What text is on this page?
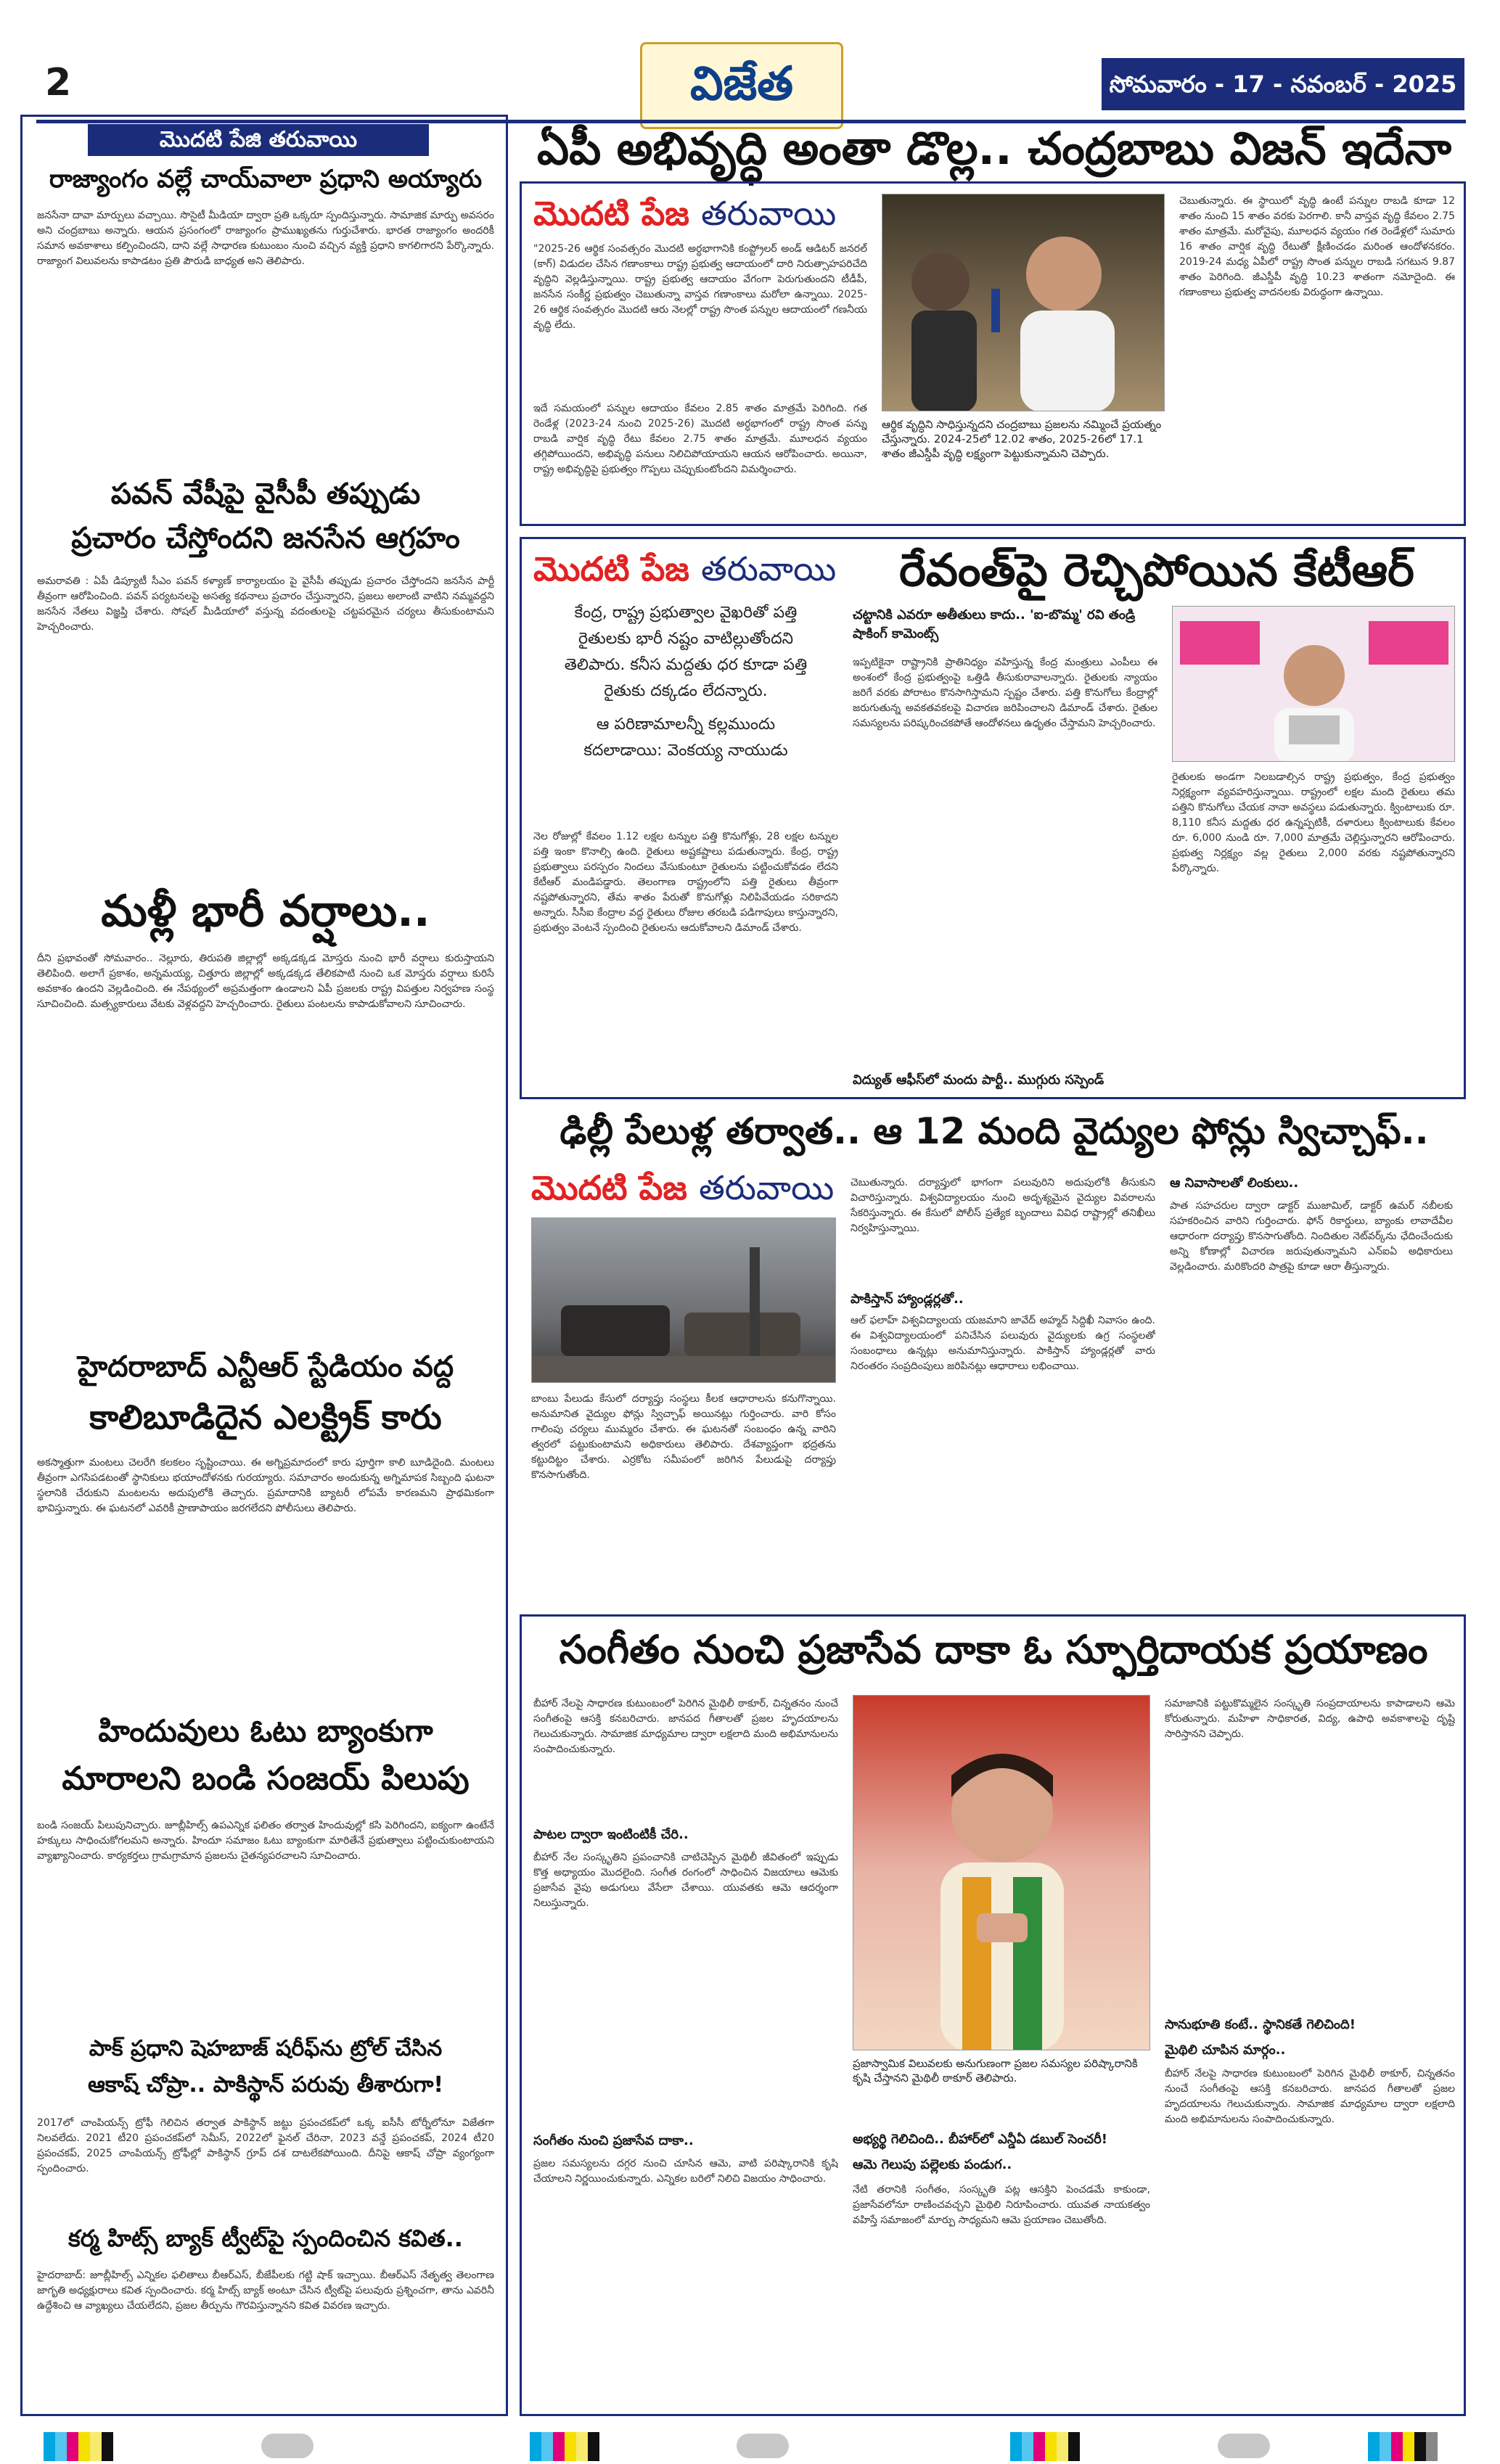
2	విజేత	సోమవారం - 17 - నవంబర్ - 2025
మొదటి పేజి తరువాయి
రాజ్యాంగం వల్లే చాయ్‌వాలా ప్రధాని అయ్యారు
జనసేనా దావా మార్పులు వచ్చాయి. సొసైటీ మీడియా ద్వారా ప్రతి ఒక్కరూ స్పందిస్తున్నారు. సామాజిక మార్పు అవసరం అని చంద్రబాబు అన్నారు. ఆయన ప్రసంగంలో రాజ్యాంగం ప్రాముఖ్యతను గుర్తుచేశారు. భారత రాజ్యాంగం అందరికీ సమాన అవకాశాలు కల్పించిందని, దాని వల్లే సాధారణ కుటుంబం నుంచి వచ్చిన వ్యక్తి ప్రధాని కాగలిగారని పేర్కొన్నారు. రాజ్యాంగ విలువలను కాపాడటం ప్రతి పౌరుడి బాధ్యత అని తెలిపారు.
పవన్ వేషీపై వైసీపీ తప్పుడు
ప్రచారం చేస్తోందని జనసేన ఆగ్రహం
అమరావతి : ఏపీ డిప్యూటీ సీఎం పవన్ కళ్యాణ్ కార్యాలయం పై వైసీపీ తప్పుడు ప్రచారం చేస్తోందని జనసేన పార్టీ తీవ్రంగా ఆరోపించింది. పవన్ పర్యటనలపై అసత్య కథనాలు ప్రచారం చేస్తున్నారని, ప్రజలు అలాంటి వాటిని నమ్మవద్దని జనసేన నేతలు విజ్ఞప్తి చేశారు. సోషల్ మీడియాలో వస్తున్న వదంతులపై చట్టపరమైన చర్యలు తీసుకుంటామని హెచ్చరించారు.
మళ్లీ భారీ వర్షాలు..
దీని ప్రభావంతో సోమవారం.. నెల్లూరు, తిరుపతి జిల్లాల్లో అక్కడక్కడ మోస్తరు నుంచి భారీ వర్షాలు కురుస్తాయని తెలిపింది. అలాగే ప్రకాశం, అన్నమయ్య, చిత్తూరు జిల్లాల్లో అక్కడక్కడ తేలికపాటి నుంచి ఒక మోస్తరు వర్షాలు కురిసే అవకాశం ఉందని వెల్లడించింది. ఈ నేపథ్యంలో అప్రమత్తంగా ఉండాలని ఏపీ ప్రజలకు రాష్ట్ర విపత్తుల నిర్వహణ సంస్థ సూచించింది. మత్స్యకారులు వేటకు వెళ్లవద్దని హెచ్చరించారు. రైతులు పంటలను కాపాడుకోవాలని సూచించారు.
హైదరాబాద్ ఎన్టీఆర్ స్టేడియం వద్ద
కాలిబూడిదైన ఎలక్ట్రిక్ కారు
అకస్మాత్తుగా మంటలు చెలరేగి కలకలం సృష్టించాయి. ఈ అగ్నిప్రమాదంలో కారు పూర్తిగా కాలి బూడిదైంది. మంటలు తీవ్రంగా ఎగసిపడటంతో స్థానికులు భయాందోళనకు గురయ్యారు. సమాచారం అందుకున్న అగ్నిమాపక సిబ్బంది ఘటనా స్థలానికి చేరుకుని మంటలను అదుపులోకి తెచ్చారు. ప్రమాదానికి బ్యాటరీ లోపమే కారణమని ప్రాథమికంగా భావిస్తున్నారు. ఈ ఘటనలో ఎవరికీ ప్రాణాపాయం జరగలేదని పోలీసులు తెలిపారు.
హిందువులు ఓటు బ్యాంకుగా
మారాలని బండి సంజయ్ పిలుపు
బండి సంజయ్ పిలుపునిచ్చారు. జూబ్లీహిల్స్ ఉపఎన్నిక ఫలితం తర్వాత హిందువుల్లో కసి పెరిగిందని, ఐక్యంగా ఉంటేనే హక్కులు సాధించుకోగలమని అన్నారు. హిందూ సమాజం ఓటు బ్యాంకుగా మారితేనే ప్రభుత్వాలు పట్టించుకుంటాయని వ్యాఖ్యానించారు. కార్యకర్తలు గ్రామగ్రామాన ప్రజలను చైతన్యపరచాలని సూచించారు.
పాక్ ప్రధాని షెహబాజ్ షరీఫ్‌ను ట్రోల్ చేసిన
ఆకాష్ చోప్రా.. పాకిస్థాన్ పరువు తీశారుగా!
2017లో చాంపియన్స్ ట్రోఫీ గెలిచిన తర్వాత పాకిస్థాన్ జట్టు ప్రపంచకప్‌లో ఒక్క ఐసీసీ టోర్నీలోనూ విజేతగా నిలవలేదు. 2021 టీ20 ప్రపంచకప్‌లో సెమీస్, 2022లో ఫైనల్ చేరినా, 2023 వన్డే ప్రపంచకప్, 2024 టీ20 ప్రపంచకప్, 2025 చాంపియన్స్ ట్రోఫీల్లో పాకిస్థాన్ గ్రూప్ దశ దాటలేకపోయింది. దీనిపై ఆకాష్ చోప్రా వ్యంగ్యంగా స్పందించారు.
కర్మ హిట్స్ బ్యాక్ ట్వీట్‌పై స్పందించిన కవిత..
హైదరాబాద్: జూబ్లీహిల్స్ ఎన్నికల ఫలితాలు బీఆర్ఎస్, బీజేపీలకు గట్టి షాక్ ఇచ్చాయి. బీఆర్ఎస్ నేతృత్వ తెలంగాణ జాగృతి అధ్యక్షురాలు కవిత స్పందించారు. కర్మ హిట్స్ బ్యాక్ అంటూ చేసిన ట్వీట్‌పై పలువురు ప్రశ్నించగా, తాను ఎవరినీ ఉద్దేశించి ఆ వ్యాఖ్యలు చేయలేదని, ప్రజల తీర్పును గౌరవిస్తున్నానని కవిత వివరణ ఇచ్చారు.
ఏపీ అభివృద్ధి అంతా డొల్ల.. చంద్రబాబు విజన్ ఇదేనా
మొదటి పేజ తరువాయి
"2025-26 ఆర్థిక సంవత్సరం మొదటి అర్ధభాగానికి కంప్ట్రోలర్ అండ్ ఆడిటర్ జనరల్ (కాగ్) విడుదల చేసిన గణాంకాలు రాష్ట్ర ప్రభుత్వ ఆదాయంలో దారి నిరుత్సాహపరిచేది వృద్ధిని వెల్లడిస్తున్నాయి. రాష్ట్ర ప్రభుత్వ ఆదాయం వేగంగా పెరుగుతుందని టీడీపీ, జనసేన సంకీర్ణ ప్రభుత్వం చెబుతున్నా వాస్తవ గణాంకాలు మరోలా ఉన్నాయి. 2025-26 ఆర్థిక సంవత్సరం మొదటి ఆరు నెలల్లో రాష్ట్ర సొంత పన్నుల ఆదాయంలో గణనీయ వృద్ధి లేదు.
ఇదే సమయంలో పన్నుల ఆదాయం కేవలం 2.85 శాతం మాత్రమే పెరిగింది. గత రెండేళ్ల (2023-24 నుంచి 2025-26) మొదటి అర్ధభాగంలో రాష్ట్ర సొంత పన్ను రాబడి వార్షిక వృద్ధి రేటు కేవలం 2.75 శాతం మాత్రమే. మూలధన వ్యయం తగ్గిపోయిందని, అభివృద్ధి పనులు నిలిచిపోయాయని ఆయన ఆరోపించారు. అయినా, రాష్ట్ర అభివృద్ధిపై ప్రభుత్వం గొప్పలు చెప్పుకుంటోందని విమర్శించారు.
ఆర్థిక వృద్ధిని సాధిస్తున్నదని చంద్రబాబు ప్రజలను నమ్మించే ప్రయత్నం చేస్తున్నారు. 2024-25లో 12.02 శాతం, 2025-26లో 17.1 శాతం జీఎస్డీపీ వృద్ధి లక్ష్యంగా పెట్టుకున్నామని చెప్పారు.
చెబుతున్నారు. ఈ స్థాయిలో వృద్ధి ఉంటే పన్నుల రాబడి కూడా 12 శాతం నుంచి 15 శాతం వరకు పెరగాలి. కానీ వాస్తవ వృద్ధి కేవలం 2.75 శాతం మాత్రమే. మరోవైపు, మూలధన వ్యయం గత రెండేళ్లలో సుమారు 16 శాతం వార్షిక వృద్ధి రేటుతో క్షీణించడం మరింత ఆందోళనకరం. 2019-24 మధ్య ఏపీలో రాష్ట్ర సొంత పన్నుల రాబడి సగటున 9.87 శాతం పెరిగింది. జీఎస్డీపీ వృద్ధి 10.23 శాతంగా నమోదైంది. ఈ గణాంకాలు ప్రభుత్వ వాదనలకు విరుద్ధంగా ఉన్నాయి.
మొదటి పేజ తరువాయి	రేవంత్‌పై రెచ్చిపోయిన కేటీఆర్
కేంద్ర, రాష్ట్ర ప్రభుత్వాల వైఖరితో పత్తి
రైతులకు భారీ నష్టం వాటిల్లుతోందని
తెలిపారు. కనీస మద్దతు ధర కూడా పత్తి
రైతుకు దక్కడం లేదన్నారు.
ఆ పరిణామాలన్నీ కల్లముందు
కదలాడాయి: వెంకయ్య నాయుడు
నెల రోజుల్లో కేవలం 1.12 లక్షల టన్నుల పత్తి కొనుగోళ్లు, 28 లక్షల టన్నుల పత్తి ఇంకా కొనాల్సి ఉంది. రైతులు అష్టకష్టాలు పడుతున్నారు. కేంద్ర, రాష్ట్ర ప్రభుత్వాలు పరస్పరం నిందలు వేసుకుంటూ రైతులను పట్టించుకోవడం లేదని కేటీఆర్ మండిపడ్డారు. తెలంగాణ రాష్ట్రంలోని పత్తి రైతులు తీవ్రంగా నష్టపోతున్నారని, తేమ శాతం పేరుతో కొనుగోళ్లు నిలిపివేయడం సరికాదని అన్నారు. సీసీఐ కేంద్రాల వద్ద రైతులు రోజుల తరబడి పడిగాపులు కాస్తున్నారని, ప్రభుత్వం వెంటనే స్పందించి రైతులను ఆదుకోవాలని డిమాండ్ చేశారు.
చట్టానికి ఎవరూ అతీతులు కాదు.. 'ఐ-బొమ్మ' రవి తండ్రి షాకింగ్ కామెంట్స్
ఇప్పటికైనా రాష్ట్రానికి ప్రాతినిధ్యం వహిస్తున్న కేంద్ర మంత్రులు ఎంపీలు ఈ అంశంలో కేంద్ర ప్రభుత్వంపై ఒత్తిడి తీసుకురావాలన్నారు. రైతులకు న్యాయం జరిగే వరకు పోరాటం కొనసాగిస్తామని స్పష్టం చేశారు. పత్తి కొనుగోలు కేంద్రాల్లో జరుగుతున్న అవకతవకలపై విచారణ జరిపించాలని డిమాండ్ చేశారు. రైతుల సమస్యలను పరిష్కరించకపోతే ఆందోళనలు ఉధృతం చేస్తామని హెచ్చరించారు.
విద్యుత్ ఆఫీస్‌లో మందు పార్టీ.. ముగ్గురు సస్పెండ్
రైతులకు అండగా నిలబడాల్సిన రాష్ట్ర ప్రభుత్వం, కేంద్ర ప్రభుత్వం నిర్లక్ష్యంగా వ్యవహరిస్తున్నాయి. రాష్ట్రంలో లక్షల మంది రైతులు తమ పత్తిని కొనుగోలు చేయక నానా అవస్థలు పడుతున్నారు. క్వింటాలుకు రూ. 8,110 కనీస మద్దతు ధర ఉన్నప్పటికీ, దళారులు క్వింటాలుకు కేవలం రూ. 6,000 నుండి రూ. 7,000 మాత్రమే చెల్లిస్తున్నారని ఆరోపించారు. ప్రభుత్వ నిర్లక్ష్యం వల్ల రైతులు 2,000 వరకు నష్టపోతున్నారని పేర్కొన్నారు.
ఢిల్లీ పేలుళ్ల తర్వాత.. ఆ 12 మంది వైద్యుల ఫోన్లు స్విచ్చాఫ్..
మొదటి పేజ తరువాయి
బాంబు పేలుడు కేసులో దర్యాప్తు సంస్థలు కీలక ఆధారాలను కనుగొన్నాయి. అనుమానిత వైద్యుల ఫోన్లు స్విచ్చాఫ్ అయినట్లు గుర్తించారు. వారి కోసం గాలింపు చర్యలు ముమ్మరం చేశారు. ఈ ఘటనతో సంబంధం ఉన్న వారిని త్వరలో పట్టుకుంటామని అధికారులు తెలిపారు. దేశవ్యాప్తంగా భద్రతను కట్టుదిట్టం చేశారు. ఎర్రకోట సమీపంలో జరిగిన పేలుడుపై దర్యాప్తు కొనసాగుతోంది.
చెబుతున్నారు. దర్యాప్తులో భాగంగా పలువురిని అదుపులోకి తీసుకుని విచారిస్తున్నారు. విశ్వవిద్యాలయం నుంచి అదృశ్యమైన వైద్యుల వివరాలను సేకరిస్తున్నారు. ఈ కేసులో పోలీస్ ప్రత్యేక బృందాలు వివిధ రాష్ట్రాల్లో తనిఖీలు నిర్వహిస్తున్నాయి.
పాకిస్తాన్ హ్యాండ్లర్లతో..
ఆల్ ఫలాహ్ విశ్వవిద్యాలయ యజమాని జావేద్ అహ్మద్ సిద్దిఖీ నివాసం ఉంది. ఈ విశ్వవిద్యాలయంలో పనిచేసిన పలువురు వైద్యులకు ఉగ్ర సంస్థలతో సంబంధాలు ఉన్నట్లు అనుమానిస్తున్నారు. పాకిస్తాన్ హ్యాండ్లర్లతో వారు నిరంతరం సంప్రదింపులు జరిపినట్లు ఆధారాలు లభించాయి.
ఆ నివాసాలతో లింకులు..
పాత సహచరుల ద్వారా డాక్టర్ ముజామిల్, డాక్టర్ ఉమర్ నబీలకు సహకరించిన వారిని గుర్తించారు. ఫోన్ రికార్డులు, బ్యాంకు లావాదేవీల ఆధారంగా దర్యాప్తు కొనసాగుతోంది. నిందితుల నెట్‌వర్క్‌ను ఛేదించేందుకు అన్ని కోణాల్లో విచారణ జరుపుతున్నామని ఎన్ఐఏ అధికారులు వెల్లడించారు. మరికొందరి పాత్రపై కూడా ఆరా తీస్తున్నారు.
సంగీతం నుంచి ప్రజాసేవ దాకా ఓ స్ఫూర్తిదాయక ప్రయాణం
బీహార్ నేలపై సాధారణ కుటుంబంలో పెరిగిన మైథిలీ ఠాకూర్, చిన్నతనం నుంచే సంగీతంపై ఆసక్తి కనబరిచారు. జానపద గీతాలతో ప్రజల హృదయాలను గెలుచుకున్నారు. సామాజిక మాధ్యమాల ద్వారా లక్షలాది మంది అభిమానులను సంపాదించుకున్నారు.
పాటల ద్వారా ఇంటింటికీ చేరి..
బీహార్ నేల సంస్కృతిని ప్రపంచానికి చాటిచెప్పిన మైథిలీ జీవితంలో ఇప్పుడు కొత్త అధ్యాయం మొదలైంది. సంగీత రంగంలో సాధించిన విజయాలు ఆమెకు ప్రజాసేవ వైపు అడుగులు వేసేలా చేశాయి. యువతకు ఆమె ఆదర్శంగా నిలుస్తున్నారు.
సంగీతం నుంచి ప్రజాసేవ దాకా..
ప్రజల సమస్యలను దగ్గర నుంచి చూసిన ఆమె, వాటి పరిష్కారానికి కృషి చేయాలని నిర్ణయించుకున్నారు. ఎన్నికల బరిలో నిలిచి విజయం సాధించారు.
ప్రజాస్వామిక విలువలకు అనుగుణంగా ప్రజల సమస్యల పరిష్కారానికి కృషి చేస్తానని మైథిలీ ఠాకూర్ తెలిపారు.
అభ్యర్థి గెలిచింది.. బీహార్‌లో ఎన్డీఏ డబుల్ సెంచరీ!
ఆమె గెలుపు పల్లెలకు పండుగ..
నేటి తరానికి సంగీతం, సంస్కృతి పట్ల ఆసక్తిని పెంచడమే కాకుండా, ప్రజాసేవలోనూ రాణించవచ్చని మైథిలి నిరూపించారు. యువత నాయకత్వం వహిస్తే సమాజంలో మార్పు సాధ్యమని ఆమె ప్రయాణం చెబుతోంది.
సమాజానికి పట్టుకొమ్మలైన సంస్కృతి సంప్రదాయాలను కాపాడాలని ఆమె కోరుతున్నారు. మహిళా సాధికారత, విద్య, ఉపాధి అవకాశాలపై దృష్టి సారిస్తానని చెప్పారు.
సానుభూతి కంటే.. స్థానికతే గెలిచింది!
మైథిలి చూపిన మార్గం..
బీహార్ నేలపై సాధారణ కుటుంబంలో పెరిగిన మైథిలీ ఠాకూర్, చిన్నతనం నుంచే సంగీతంపై ఆసక్తి కనబరిచారు. జానపద గీతాలతో ప్రజల హృదయాలను గెలుచుకున్నారు. సామాజిక మాధ్యమాల ద్వారా లక్షలాది మంది అభిమానులను సంపాదించుకున్నారు.
